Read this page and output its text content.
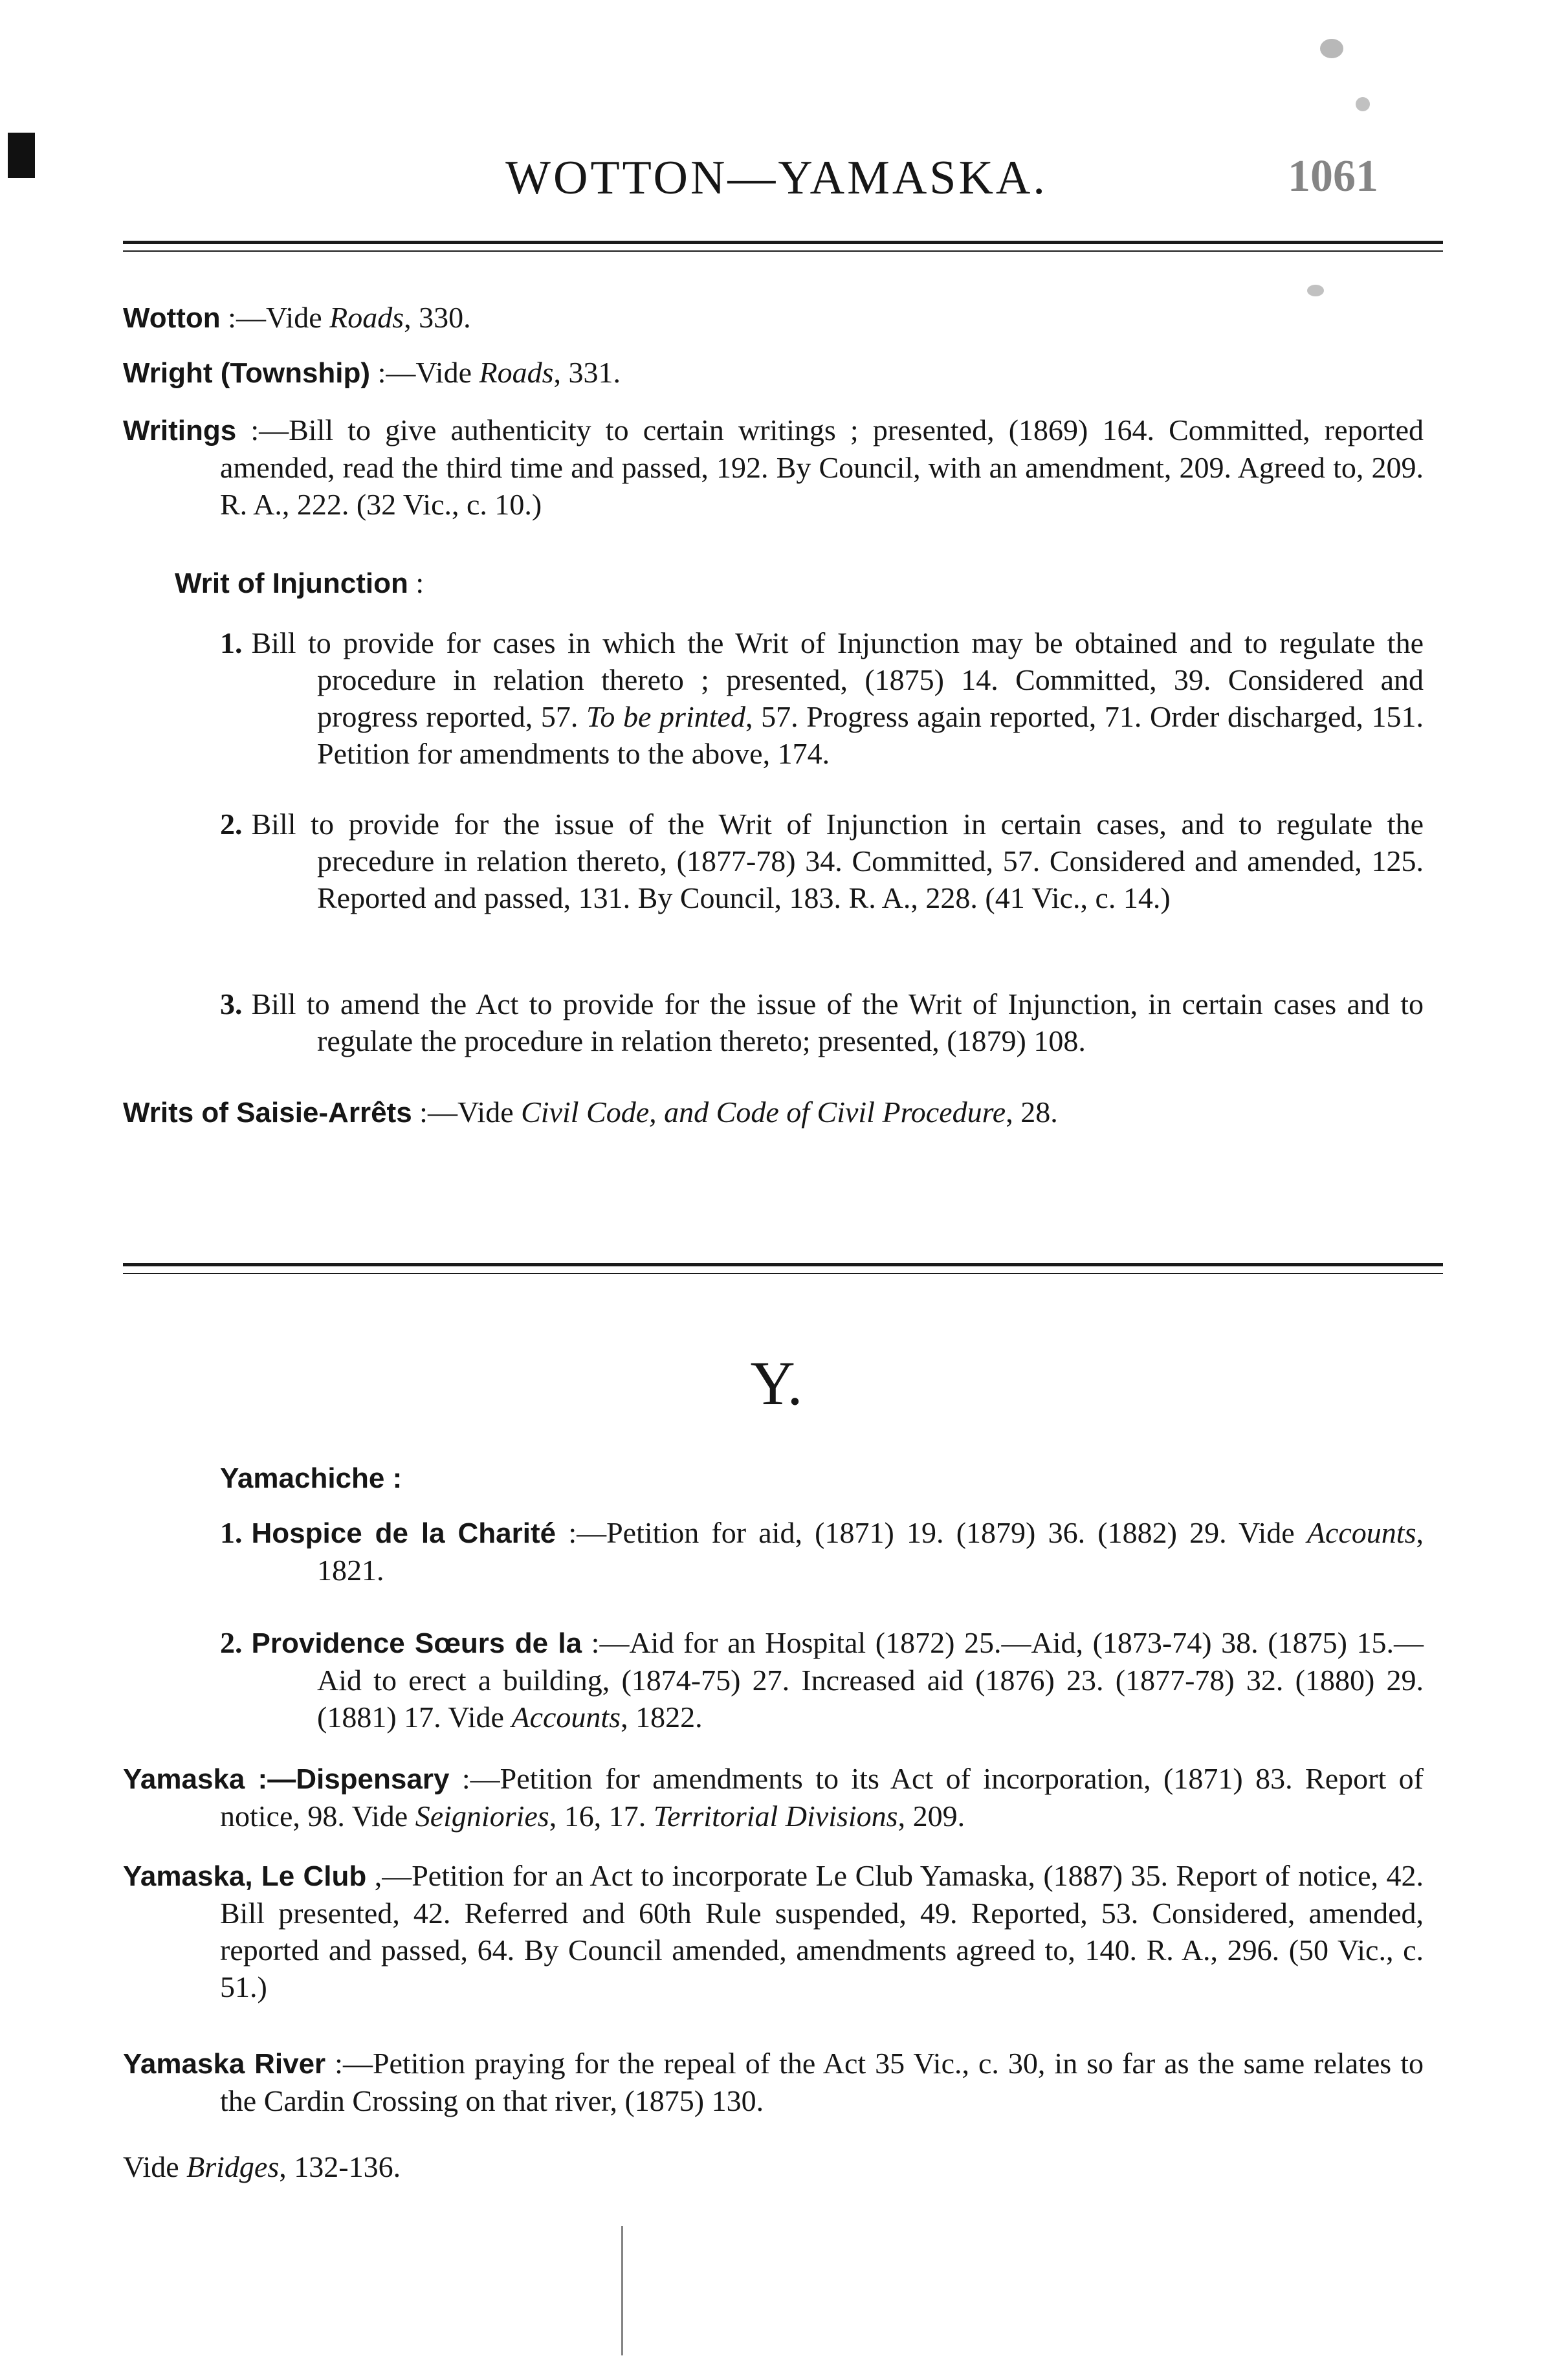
WOTTON—YAMASKA.	1061
Wotton :—Vide Roads, 330.
Wright (Township) :—Vide Roads, 331.
Writings :—Bill to give authenticity to certain writings ; presented, (1869) 164. Committed, reported amended, read the third time and passed, 192. By Council, with an amendment, 209. Agreed to, 209. R. A., 222. (32 Vic., c. 10.)
Writ of Injunction :
1. Bill to provide for cases in which the Writ of Injunction may be obtained and to regulate the procedure in relation thereto ; presented, (1875) 14. Committed, 39. Considered and progress reported, 57. To be printed, 57. Progress again reported, 71. Order discharged, 151. Petition for amendments to the above, 174.
2. Bill to provide for the issue of the Writ of Injunction in certain cases, and to regulate the precedure in relation thereto, (1877-78) 34. Committed, 57. Considered and amended, 125. Reported and passed, 131. By Council, 183. R. A., 228. (41 Vic., c. 14.)
3. Bill to amend the Act to provide for the issue of the Writ of Injunction, in certain cases and to regulate the procedure in relation thereto; presented, (1879) 108.
Writs of Saisie-Arrêts :—Vide Civil Code, and Code of Civil Procedure, 28.
Y.
Yamachiche :
1. Hospice de la Charité :—Petition for aid, (1871) 19. (1879) 36. (1882) 29. Vide Accounts, 1821.
2. Providence Sœurs de la :—Aid for an Hospital (1872) 25.—Aid, (1873-74) 38. (1875) 15.—Aid to erect a building, (1874-75) 27. Increased aid (1876) 23. (1877-78) 32. (1880) 29. (1881) 17. Vide Accounts, 1822.
Yamaska :—Dispensary :—Petition for amendments to its Act of incorporation, (1871) 83. Report of notice, 98. Vide Seigniories, 16, 17. Territorial Divisions, 209.
Yamaska, Le Club ,—Petition for an Act to incorporate Le Club Yamaska, (1887) 35. Report of notice, 42. Bill presented, 42. Referred and 60th Rule suspended, 49. Reported, 53. Considered, amended, reported and passed, 64. By Council amended, amendments agreed to, 140. R. A., 296. (50 Vic., c. 51.)
Yamaska River :—Petition praying for the repeal of the Act 35 Vic., c. 30, in so far as the same relates to the Cardin Crossing on that river, (1875) 130.
Vide Bridges, 132-136.
